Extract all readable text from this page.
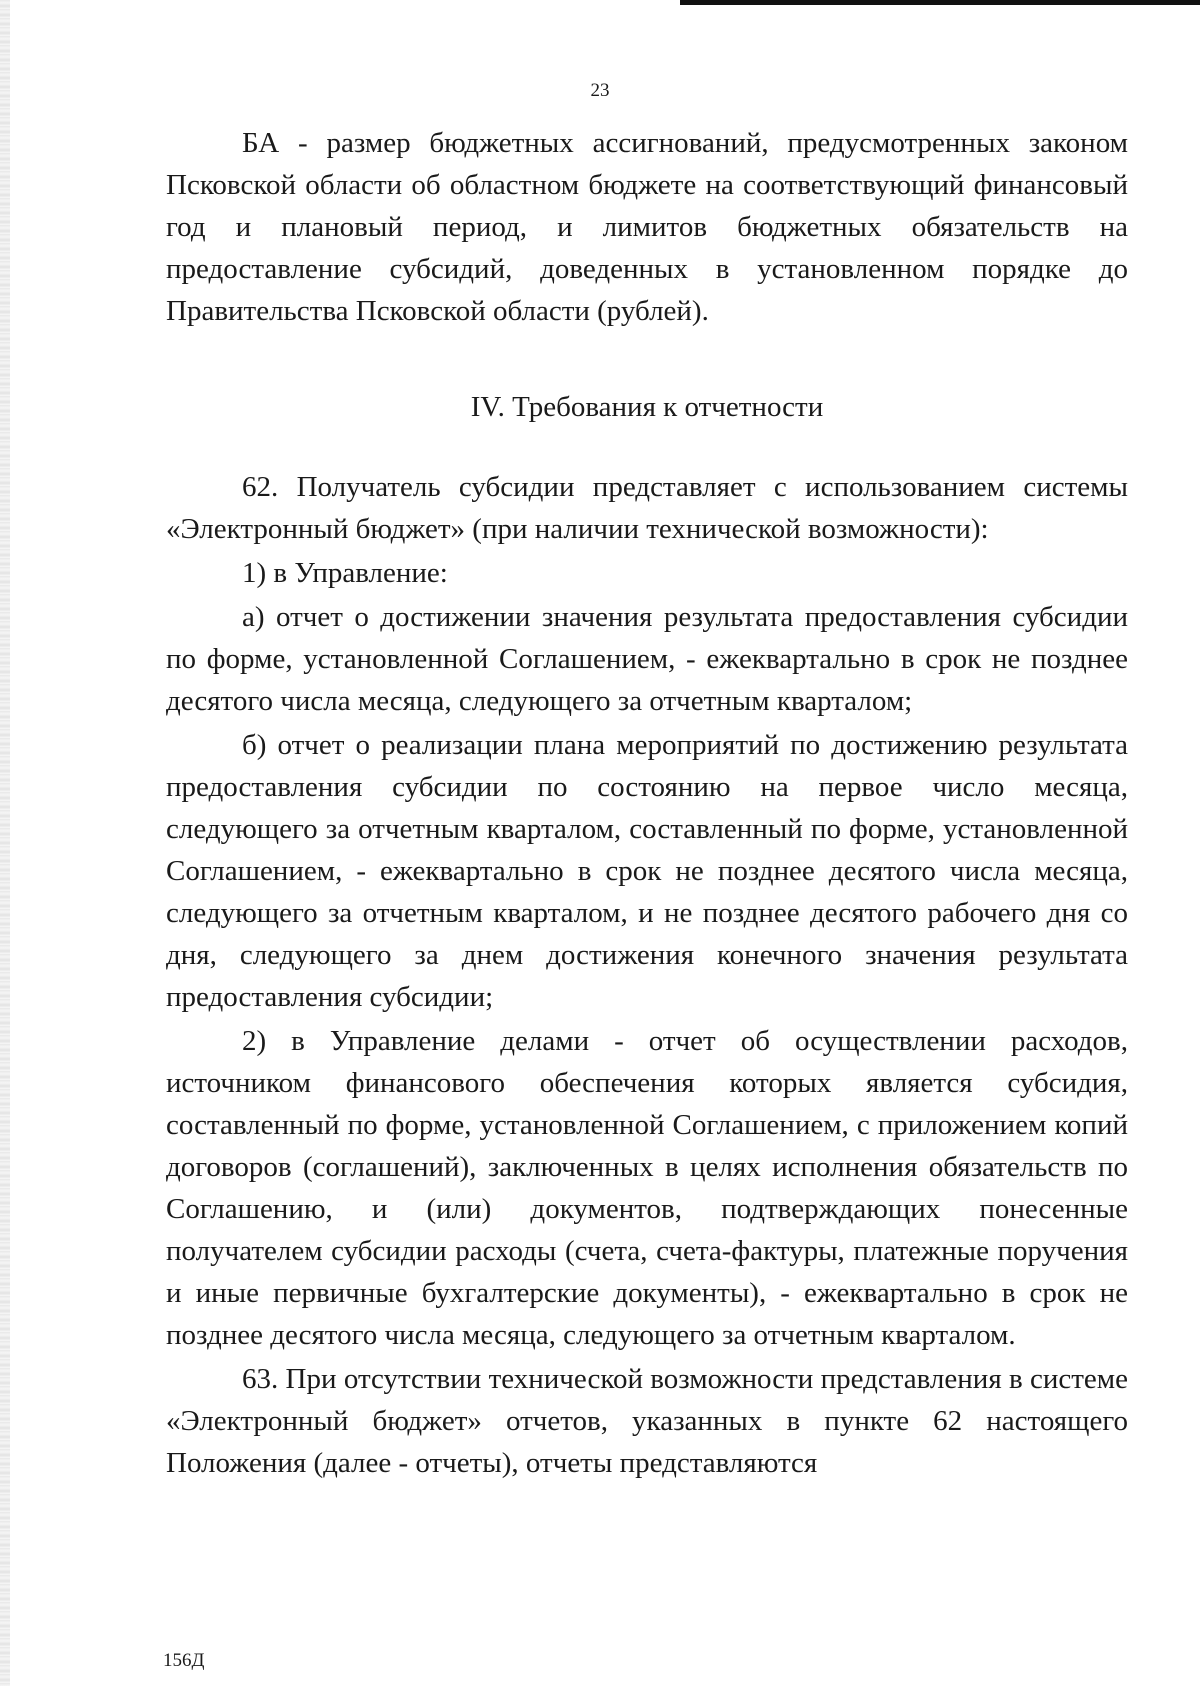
23

БА - размер бюджетных ассигнований, предусмотренных законом Псковской области об областном бюджете на соответствующий финансовый год и плановый период, и лимитов бюджетных обязательств на предоставление субсидий, доведенных в установленном порядке до Правительства Псковской области (рублей).

IV. Требования к отчетности

62. Получатель субсидии представляет с использованием системы «Электронный бюджет» (при наличии технической возможности):

1) в Управление:

а) отчет о достижении значения результата предоставления субсидии по форме, установленной Соглашением, - ежеквартально в срок не позднее десятого числа месяца, следующего за отчетным кварталом;

б) отчет о реализации плана мероприятий по достижению результата предоставления субсидии по состоянию на первое число месяца, следующего за отчетным кварталом, составленный по форме, установленной Соглашением, - ежеквартально в срок не позднее десятого числа месяца, следующего за отчетным кварталом, и не позднее десятого рабочего дня со дня, следующего за днем достижения конечного значения результата предоставления субсидии;

2) в Управление делами - отчет об осуществлении расходов, источником финансового обеспечения которых является субсидия, составленный по форме, установленной Соглашением, с приложением копий договоров (соглашений), заключенных в целях исполнения обязательств по Соглашению, и (или) документов, подтверждающих понесенные получателем субсидии расходы (счета, счета-фактуры, платежные поручения и иные первичные бухгалтерские документы), - ежеквартально в срок не позднее десятого числа месяца, следующего за отчетным кварталом.

63. При отсутствии технической возможности представления в системе «Электронный бюджет» отчетов, указанных в пункте 62 настоящего Положения (далее - отчеты), отчеты представляются

156Д
